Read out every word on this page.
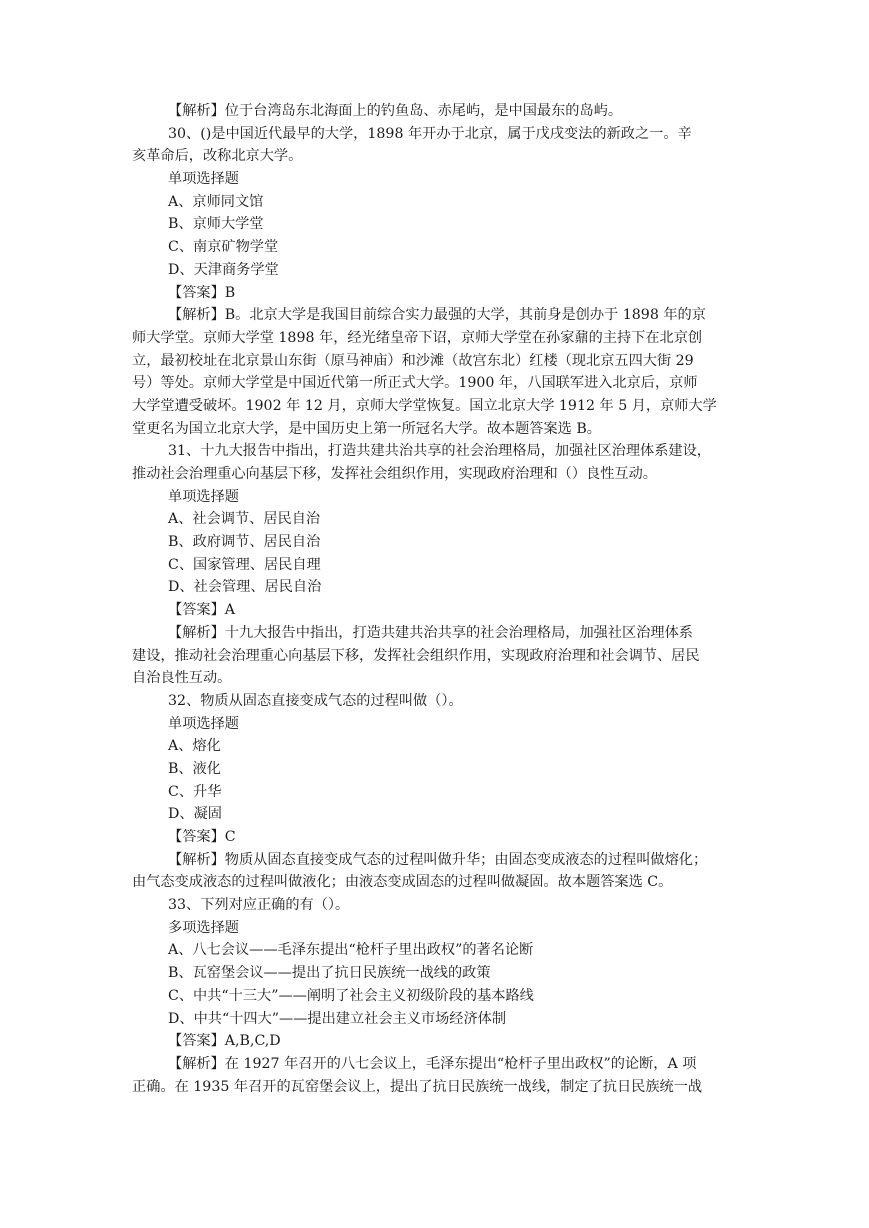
【解析】位于台湾岛东北海面上的钓鱼岛、赤尾屿，是中国最东的岛屿。
30、()是中国近代最早的大学，1898 年开办于北京，属于戊戌变法的新政之一。辛
亥革命后，改称北京大学。
单项选择题
A、京师同文馆
B、京师大学堂
C、南京矿物学堂
D、天津商务学堂
【答案】B
【解析】B。北京大学是我国目前综合实力最强的大学，其前身是创办于 1898 年的京
师大学堂。京师大学堂 1898 年，经光绪皇帝下诏，京师大学堂在孙家鼐的主持下在北京创
立，最初校址在北京景山东街（原马神庙）和沙滩（故宫东北）红楼（现北京五四大街 29
号）等处。京师大学堂是中国近代第一所正式大学。1900 年，八国联军进入北京后，京师
大学堂遭受破坏。1902 年 12 月，京师大学堂恢复。国立北京大学 1912 年 5 月，京师大学
堂更名为国立北京大学，是中国历史上第一所冠名大学。故本题答案选 B。
31、十九大报告中指出，打造共建共治共享的社会治理格局，加强社区治理体系建设，
推动社会治理重心向基层下移，发挥社会组织作用，实现政府治理和（）良性互动。
单项选择题
A、社会调节、居民自治
B、政府调节、居民自治
C、国家管理、居民自理
D、社会管理、居民自治
【答案】A
【解析】十九大报告中指出，打造共建共治共享的社会治理格局，加强社区治理体系
建设，推动社会治理重心向基层下移，发挥社会组织作用，实现政府治理和社会调节、居民
自治良性互动。
32、物质从固态直接变成气态的过程叫做（）。
单项选择题
A、熔化
B、液化
C、升华
D、凝固
【答案】C
【解析】物质从固态直接变成气态的过程叫做升华；由固态变成液态的过程叫做熔化；
由气态变成液态的过程叫做液化；由液态变成固态的过程叫做凝固。故本题答案选 C。
33、下列对应正确的有（）。
多项选择题
A、八七会议——毛泽东提出“枪杆子里出政权”的著名论断
B、瓦窑堡会议——提出了抗日民族统一战线的政策
C、中共“十三大”——阐明了社会主义初级阶段的基本路线
D、中共“十四大”——提出建立社会主义市场经济体制
【答案】A,B,C,D
【解析】在 1927 年召开的八七会议上，毛泽东提出“枪杆子里出政权”的论断，A 项
正确。在 1935 年召开的瓦窑堡会议上，提出了抗日民族统一战线，制定了抗日民族统一战
